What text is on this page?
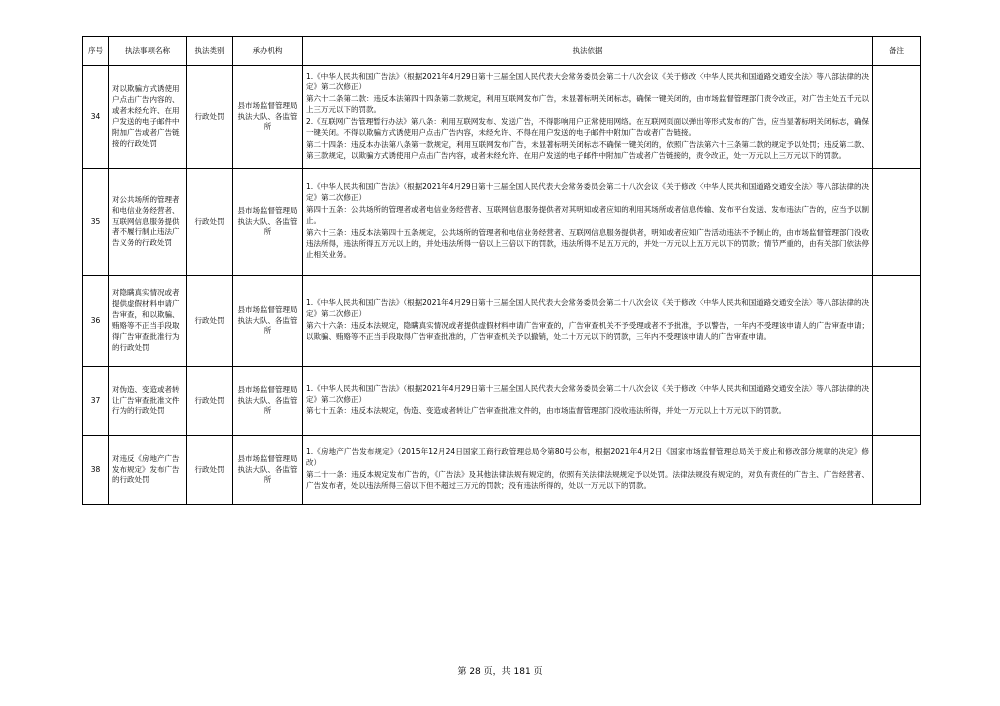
序号	执法事项名称	执法类别	承办机构	执法依据	备注
34	对以欺骗方式诱使用户点击广告内容的、或者未经允许、在用户发送的电子邮件中附加广告或者广告链接的行政处罚	行政处罚	县市场监督管理局执法大队、各监管所	1.《中华人民共和国广告法》（根据2021年4月29日第十三届全国人民代表大会常务委员会第二十八次会议《关于修改〈中华人民共和国道路交通安全法〉等八部法律的决定》第二次修正）

第六十二条第二款：违反本法第四十四条第二款规定，利用互联网发布广告，未显著标明关闭标志，确保一键关闭的，由市场监督管理部门责令改正，对广告主处五千元以上三万元以下的罚款。

2.《互联网广告管理暂行办法》第八条：利用互联网发布、发送广告，不得影响用户正常使用网络。在互联网页面以弹出等形式发布的广告，应当显著标明关闭标志，确保一键关闭。不得以欺骗方式诱使用户点击广告内容，未经允许、不得在用户发送的电子邮件中附加广告或者广告链接。

第二十四条：违反本办法第八条第一款规定，利用互联网发布广告，未显著标明关闭标志不确保一键关闭的，依照广告法第六十三条第二款的规定予以处罚；违反第二款、第三款规定，以欺骗方式诱使用户点击广告内容，或者未经允许、在用户发送的电子邮件中附加广告或者广告链接的，责令改正，处一万元以上三万元以下的罚款。	

35	对公共场所的管理者和电信业务经营者、互联网信息服务提供者不履行制止违法广告义务的行政处罚	行政处罚	县市场监督管理局执法大队、各监管所	1.《中华人民共和国广告法》（根据2021年4月29日第十三届全国人民代表大会常务委员会第二十八次会议《关于修改〈中华人民共和国道路交通安全法〉等八部法律的决定》第二次修正）

第四十五条：公共场所的管理者或者电信业务经营者、互联网信息服务提供者对其明知或者应知的利用其场所或者信息传输、发布平台发送、发布违法广告的，应当予以制止。

第六十三条：违反本法第四十五条规定，公共场所的管理者和电信业务经营者、互联网信息服务提供者，明知或者应知广告活动违法不予制止的，由市场监督管理部门没收违法所得，违法所得五万元以上的，并处违法所得一倍以上三倍以下的罚款，违法所得不足五万元的，并处一万元以上五万元以下的罚款；情节严重的，由有关部门依法停止相关业务。	

36	对隐瞒真实情况或者提供虚假材料申请广告审查，和以欺骗、贿赂等不正当手段取得广告审查批准行为的行政处罚	行政处罚	县市场监督管理局执法大队、各监管所	1.《中华人民共和国广告法》（根据2021年4月29日第十三届全国人民代表大会常务委员会第二十八次会议《关于修改〈中华人民共和国道路交通安全法〉等八部法律的决定》第二次修正）

第六十六条：违反本法规定，隐瞒真实情况或者提供虚假材料申请广告审查的，广告审查机关不予受理或者不予批准，予以警告，一年内不受理该申请人的广告审查申请；以欺骗、贿赂等不正当手段取得广告审查批准的，广告审查机关予以撤销，处二十万元以下的罚款，三年内不受理该申请人的广告审查申请。	

37	对伪造、变造或者转让广告审查批准文件行为的行政处罚	行政处罚	县市场监督管理局执法大队、各监管所	1.《中华人民共和国广告法》（根据2021年4月29日第十三届全国人民代表大会常务委员会第二十八次会议《关于修改〈中华人民共和国道路交通安全法〉等八部法律的决定》第二次修正）

第七十五条：违反本法规定，伪造、变造或者转让广告审查批准文件的，由市场监督管理部门没收违法所得，并处一万元以上十万元以下的罚款。	

38	对违反《房地产广告发布规定》发布广告的行政处罚	行政处罚	县市场监督管理局执法大队、各监管所	1.《房地产广告发布规定》（2015年12月24日国家工商行政管理总局令第80号公布，根据2021年4月2日《国家市场监督管理总局关于废止和修改部分规章的决定》修改）

第二十一条：违反本规定发布广告的，《广告法》及其他法律法规有规定的，依照有关法律法规规定予以处罚。法律法规没有规定的，对负有责任的广告主、广告经营者、广告发布者，处以违法所得三倍以下但不超过三万元的罚款；没有违法所得的，处以一万元以下的罚款。	

第 28 页，共 181 页
